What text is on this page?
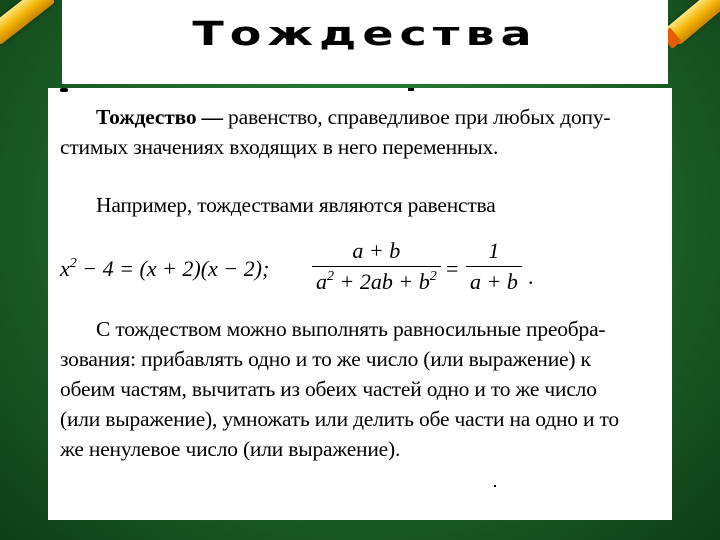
Тождества
Тождество — равенство, справедливое при любых допу-
стимых значениях входящих в него переменных.
Например, тождествами являются равенства
$x^2 - 4 = (x + 2)(x - 2)$; $\frac{a + b}{a^2 + 2ab + b^2} = \frac{1}{a + b}$ .
С тождеством можно выполнять равносильные преобра-
зования: прибавлять одно и то же число (или выражение) к
обеим частям, вычитать из обеих частей одно и то же число
(или выражение), умножать или делить обе части на одно и то
же ненулевое число (или выражение).
